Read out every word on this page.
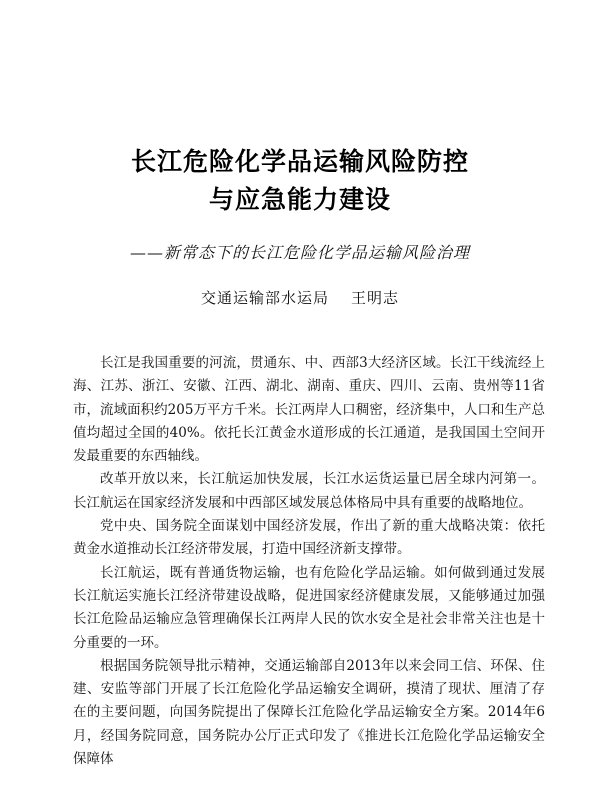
长江危险化学品运输风险防控
与应急能力建设
——新常态下的长江危险化学品运输风险治理
交通运输部水运局 王明志

长江是我国重要的河流，贯通东、中、西部3大经济区域。长江干线流经上海、江苏、浙江、安徽、江西、湖北、湖南、重庆、四川、云南、贵州等11省市，流域面积约205万平方千米。长江两岸人口稠密，经济集中，人口和生产总值均超过全国的40%。依托长江黄金水道形成的长江通道，是我国国土空间开发最重要的东西轴线。

改革开放以来，长江航运加快发展，长江水运货运量已居全球内河第一。长江航运在国家经济发展和中西部区域发展总体格局中具有重要的战略地位。

党中央、国务院全面谋划中国经济发展，作出了新的重大战略决策：依托黄金水道推动长江经济带发展，打造中国经济新支撑带。

长江航运，既有普通货物运输，也有危险化学品运输。如何做到通过发展长江航运实施长江经济带建设战略，促进国家经济健康发展，又能够通过加强长江危险品运输应急管理确保长江两岸人民的饮水安全是社会非常关注也是十分重要的一环。

根据国务院领导批示精神，交通运输部自2013年以来会同工信、环保、住建、安监等部门开展了长江危险化学品运输安全调研，摸清了现状、厘清了存在的主要问题，向国务院提出了保障长江危险化学品运输安全方案。2014年6月，经国务院同意，国务院办公厅正式印发了《推进长江危险化学品运输安全保障体
